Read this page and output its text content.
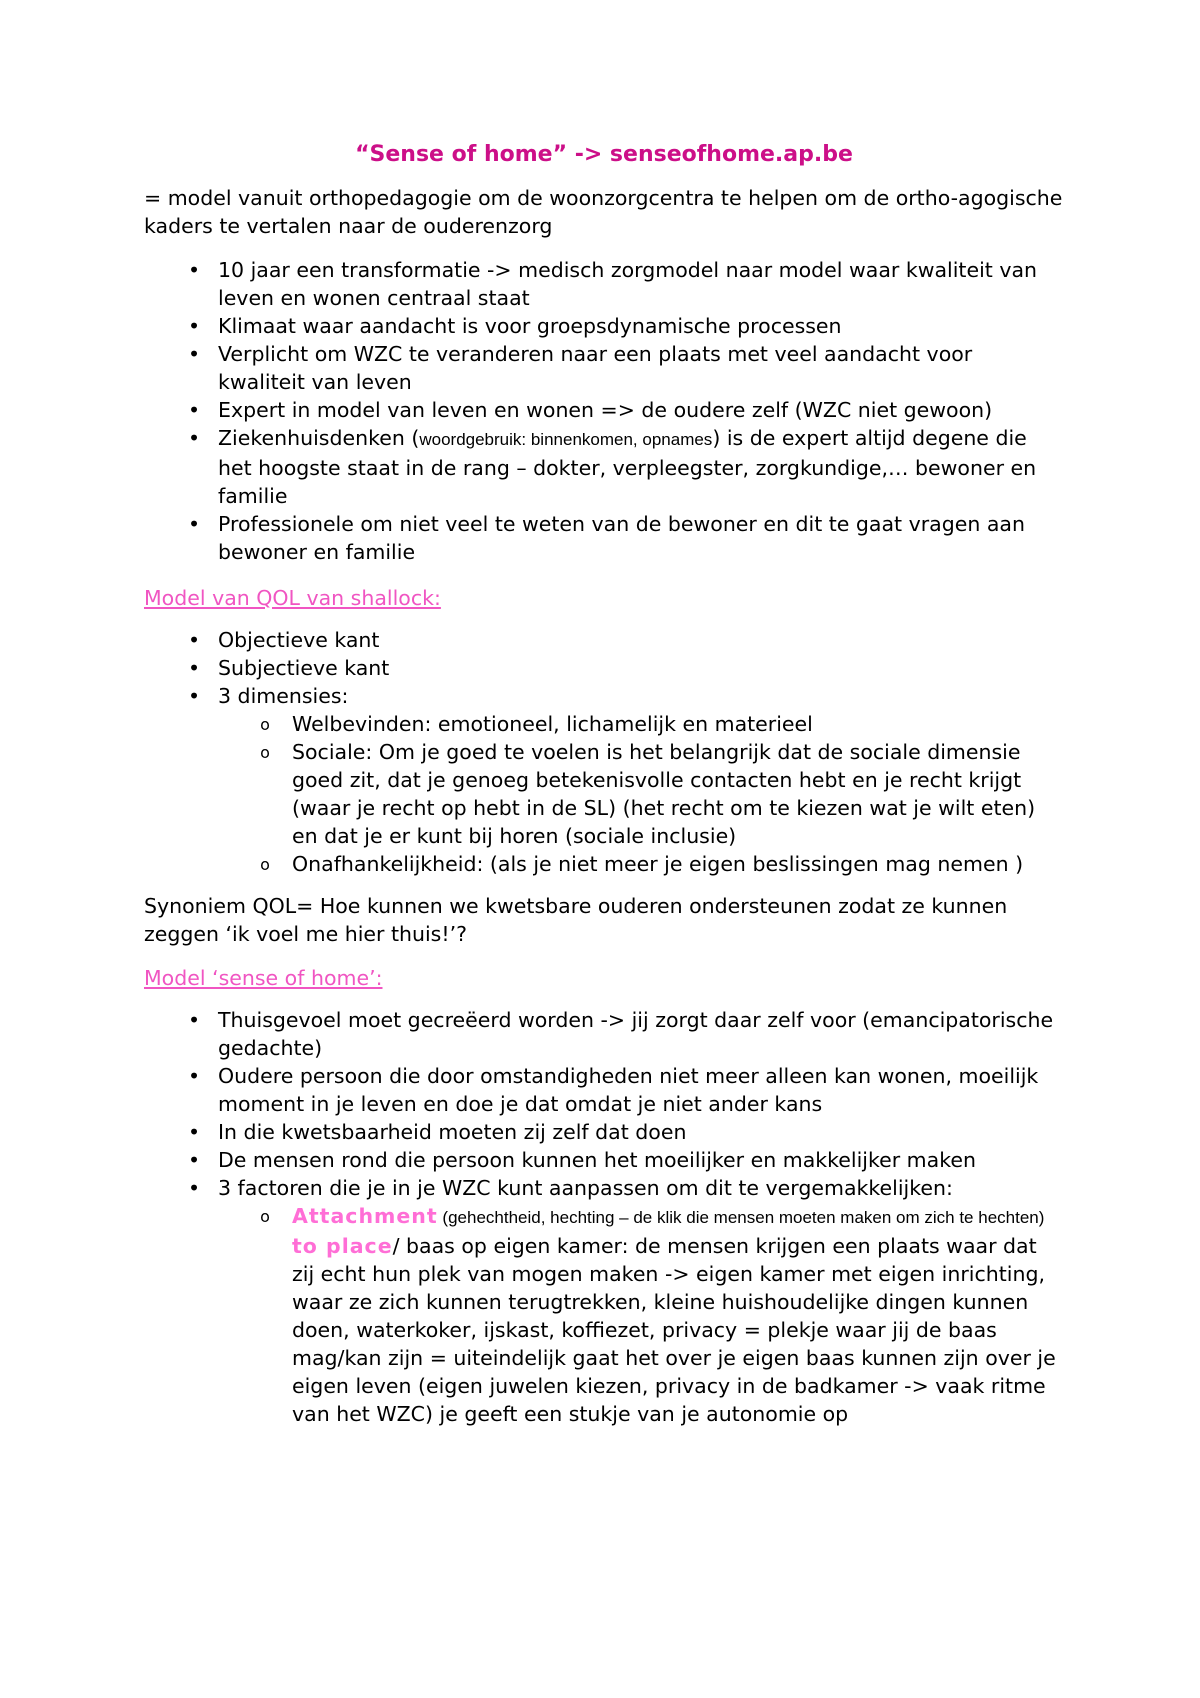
“Sense of home” -> senseofhome.ap.be

= model vanuit orthopedagogie om de woonzorgcentra te helpen om de ortho-agogische kaders te vertalen naar de ouderenzorg

• 10 jaar een transformatie -> medisch zorgmodel naar model waar kwaliteit van leven en wonen centraal staat
• Klimaat waar aandacht is voor groepsdynamische processen
• Verplicht om WZC te veranderen naar een plaats met veel aandacht voor kwaliteit van leven
• Expert in model van leven en wonen => de oudere zelf (WZC niet gewoon)
• Ziekenhuisdenken (woordgebruik: binnenkomen, opnames) is de expert altijd degene die het hoogste staat in de rang – dokter, verpleegster, zorgkundige,… bewoner en familie
• Professionele om niet veel te weten van de bewoner en dit te gaat vragen aan bewoner en familie

Model van QOL van shallock:

• Objectieve kant
• Subjectieve kant
• 3 dimensies:
o Welbevinden: emotioneel, lichamelijk en materieel
o Sociale: Om je goed te voelen is het belangrijk dat de sociale dimensie goed zit, dat je genoeg betekenisvolle contacten hebt en je recht krijgt (waar je recht op hebt in de SL) (het recht om te kiezen wat je wilt eten) en dat je er kunt bij horen (sociale inclusie)
o Onafhankelijkheid: (als je niet meer je eigen beslissingen mag nemen )

Synoniem QOL= Hoe kunnen we kwetsbare ouderen ondersteunen zodat ze kunnen zeggen ‘ik voel me hier thuis!’?

Model ‘sense of home’:

• Thuisgevoel moet gecreëerd worden -> jij zorgt daar zelf voor (emancipatorische gedachte)
• Oudere persoon die door omstandigheden niet meer alleen kan wonen, moeilijk moment in je leven en doe je dat omdat je niet ander kans
• In die kwetsbaarheid moeten zij zelf dat doen
• De mensen rond die persoon kunnen het moeilijker en makkelijker maken
• 3 factoren die je in je WZC kunt aanpassen om dit te vergemakkelijken:
o Attachment (gehechtheid, hechting – de klik die mensen moeten maken om zich te hechten) to place/ baas op eigen kamer: de mensen krijgen een plaats waar dat zij echt hun plek van mogen maken -> eigen kamer met eigen inrichting, waar ze zich kunnen terugtrekken, kleine huishoudelijke dingen kunnen doen, waterkoker, ijskast, koffiezet, privacy = plekje waar jij de baas mag/kan zijn = uiteindelijk gaat het over je eigen baas kunnen zijn over je eigen leven (eigen juwelen kiezen, privacy in de badkamer -> vaak ritme van het WZC) je geeft een stukje van je autonomie op
